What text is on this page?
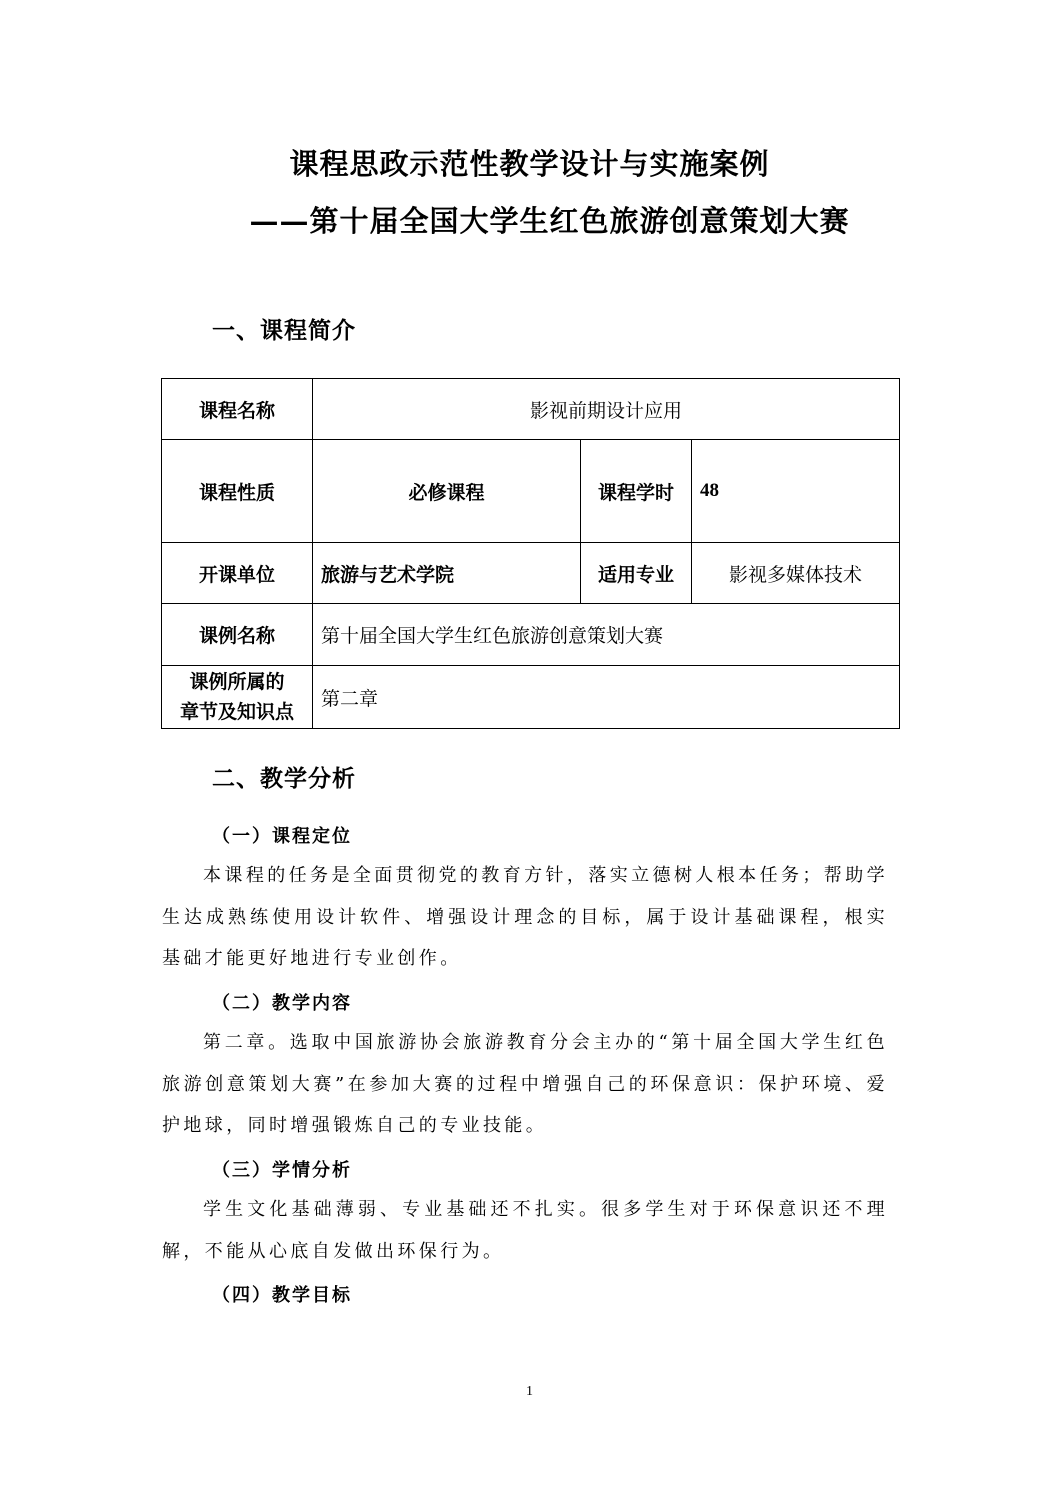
课程思政示范性教学设计与实施案例
——第十届全国大学生红色旅游创意策划大赛
一、课程简介
课程名称	影视前期设计应用		
课程性质	必修课程	课程学时	48
开课单位	旅游与艺术学院	适用专业	影视多媒体技术
课例名称	第十届全国大学生红色旅游创意策划大赛		

课例所属的
章节及知识点	第二章		
二、教学分析
（一）课程定位
本课程的任务是全面贯彻党的教育方针，落实立德树人根本任务；帮助学生达成熟练使用设计软件、增强设计理念的目标，属于设计基础课程，根实基础才能更好地进行专业创作。
（二）教学内容
第二章。选取中国旅游协会旅游教育分会主办的“第十届全国大学生红色旅游创意策划大赛”在参加大赛的过程中增强自己的环保意识：保护环境、爱护地球，同时增强锻炼自己的专业技能。
（三）学情分析
学生文化基础薄弱、专业基础还不扎实。很多学生对于环保意识还不理解，不能从心底自发做出环保行为。
（四）教学目标
1
